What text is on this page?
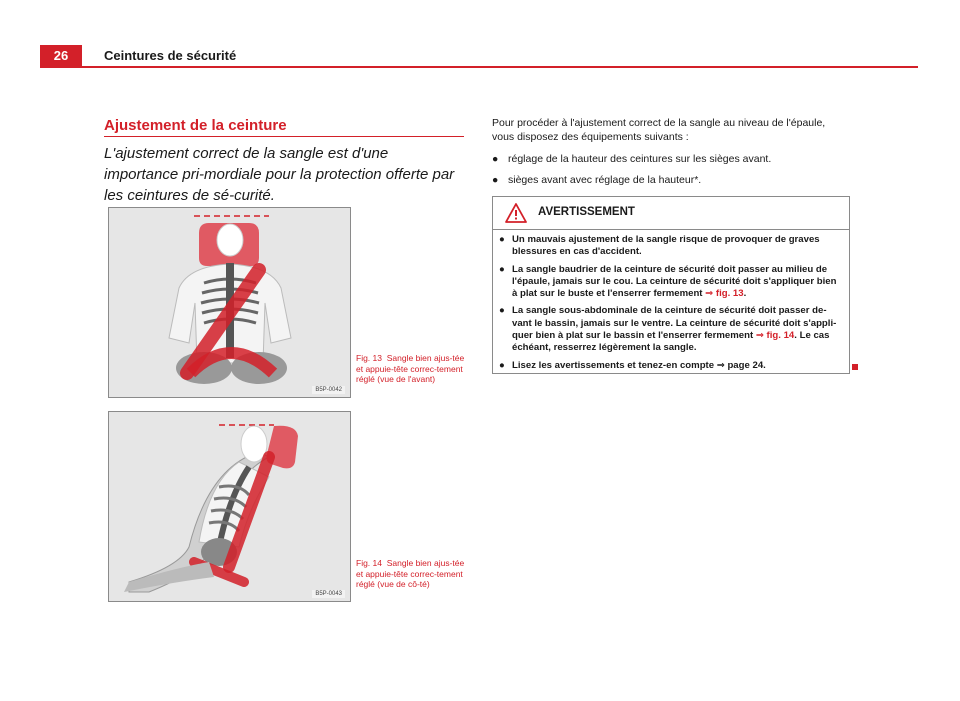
26	Ceintures de sécurité
Ajustement de la ceinture
L'ajustement correct de la sangle est d'une importance pri-mordiale pour la protection offerte par les ceintures de sé-curité.
B5P-0042
Fig. 13 Sangle bien ajus-tée et appuie-tête correc-tement réglé (vue de l'avant)
B5P-0043
Fig. 14 Sangle bien ajus-tée et appuie-tête correc-tement réglé (vue de cô-té)

Pour procéder à l'ajustement correct de la sangle au niveau de l'épaule, vous disposez des équipements suivants :

● réglage de la hauteur des ceintures sur les sièges avant.
● sièges avant avec réglage de la hauteur*.
AVERTISSEMENT
● Un mauvais ajustement de la sangle risque de provoquer de graves blessures en cas d'accident.
● La sangle baudrier de la ceinture de sécurité doit passer au milieu de l'épaule, jamais sur le cou. La ceinture de sécurité doit s'appliquer bien à plat sur le buste et l'enserrer fermement ⇒ fig. 13.
● La sangle sous-abdominale de la ceinture de sécurité doit passer de-vant le bassin, jamais sur le ventre. La ceinture de sécurité doit s'appli-quer bien à plat sur le bassin et l'enserrer fermement ⇒ fig. 14. Le cas échéant, resserrez légèrement la sangle.
● Lisez les avertissements et tenez-en compte ⇒ page 24.
